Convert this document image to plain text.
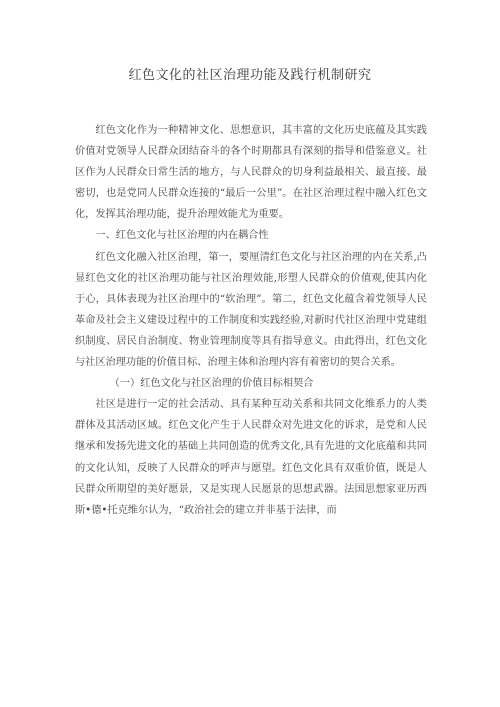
红色文化的社区治理功能及践行机制研究

红色文化作为一种精神文化、思想意识，其丰富的文化历史底蕴及其实践价值对党领导人民群众团结奋斗的各个时期都具有深刻的指导和借鉴意义。社区作为人民群众日常生活的地方，与人民群众的切身利益最相关、最直接、最密切，也是党同人民群众连接的“最后一公里”。在社区治理过程中融入红色文化，发挥其治理功能，提升治理效能尤为重要。

一、红色文化与社区治理的内在耦合性

红色文化融入社区治理，第一，要厘清红色文化与社区治理的内在关系,凸显红色文化的社区治理功能与社区治理效能,形塑人民群众的价值观,使其内化于心，具体表现为社区治理中的“软治理”。第二，红色文化蕴含着党领导人民革命及社会主义建设过程中的工作制度和实践经验,对新时代社区治理中党建组织制度、居民自治制度、物业管理制度等具有指导意义。由此得出，红色文化与社区治理功能的价值目标、治理主体和治理内容有着密切的契合关系。

（一）红色文化与社区治理的价值目标相契合

社区是进行一定的社会活动、具有某种互动关系和共同文化维系力的人类群体及其活动区域。红色文化产生于人民群众对先进文化的诉求，是党和人民继承和发扬先进文化的基础上共同创造的优秀文化,具有先进的文化底蕴和共同的文化认知，反映了人民群众的呼声与愿望。红色文化具有双重价值，既是人民群众所期望的美好愿景，又是实现人民愿景的思想武器。法国思想家亚历西斯•德•托克维尔认为，“政治社会的建立并非基于法律，而
